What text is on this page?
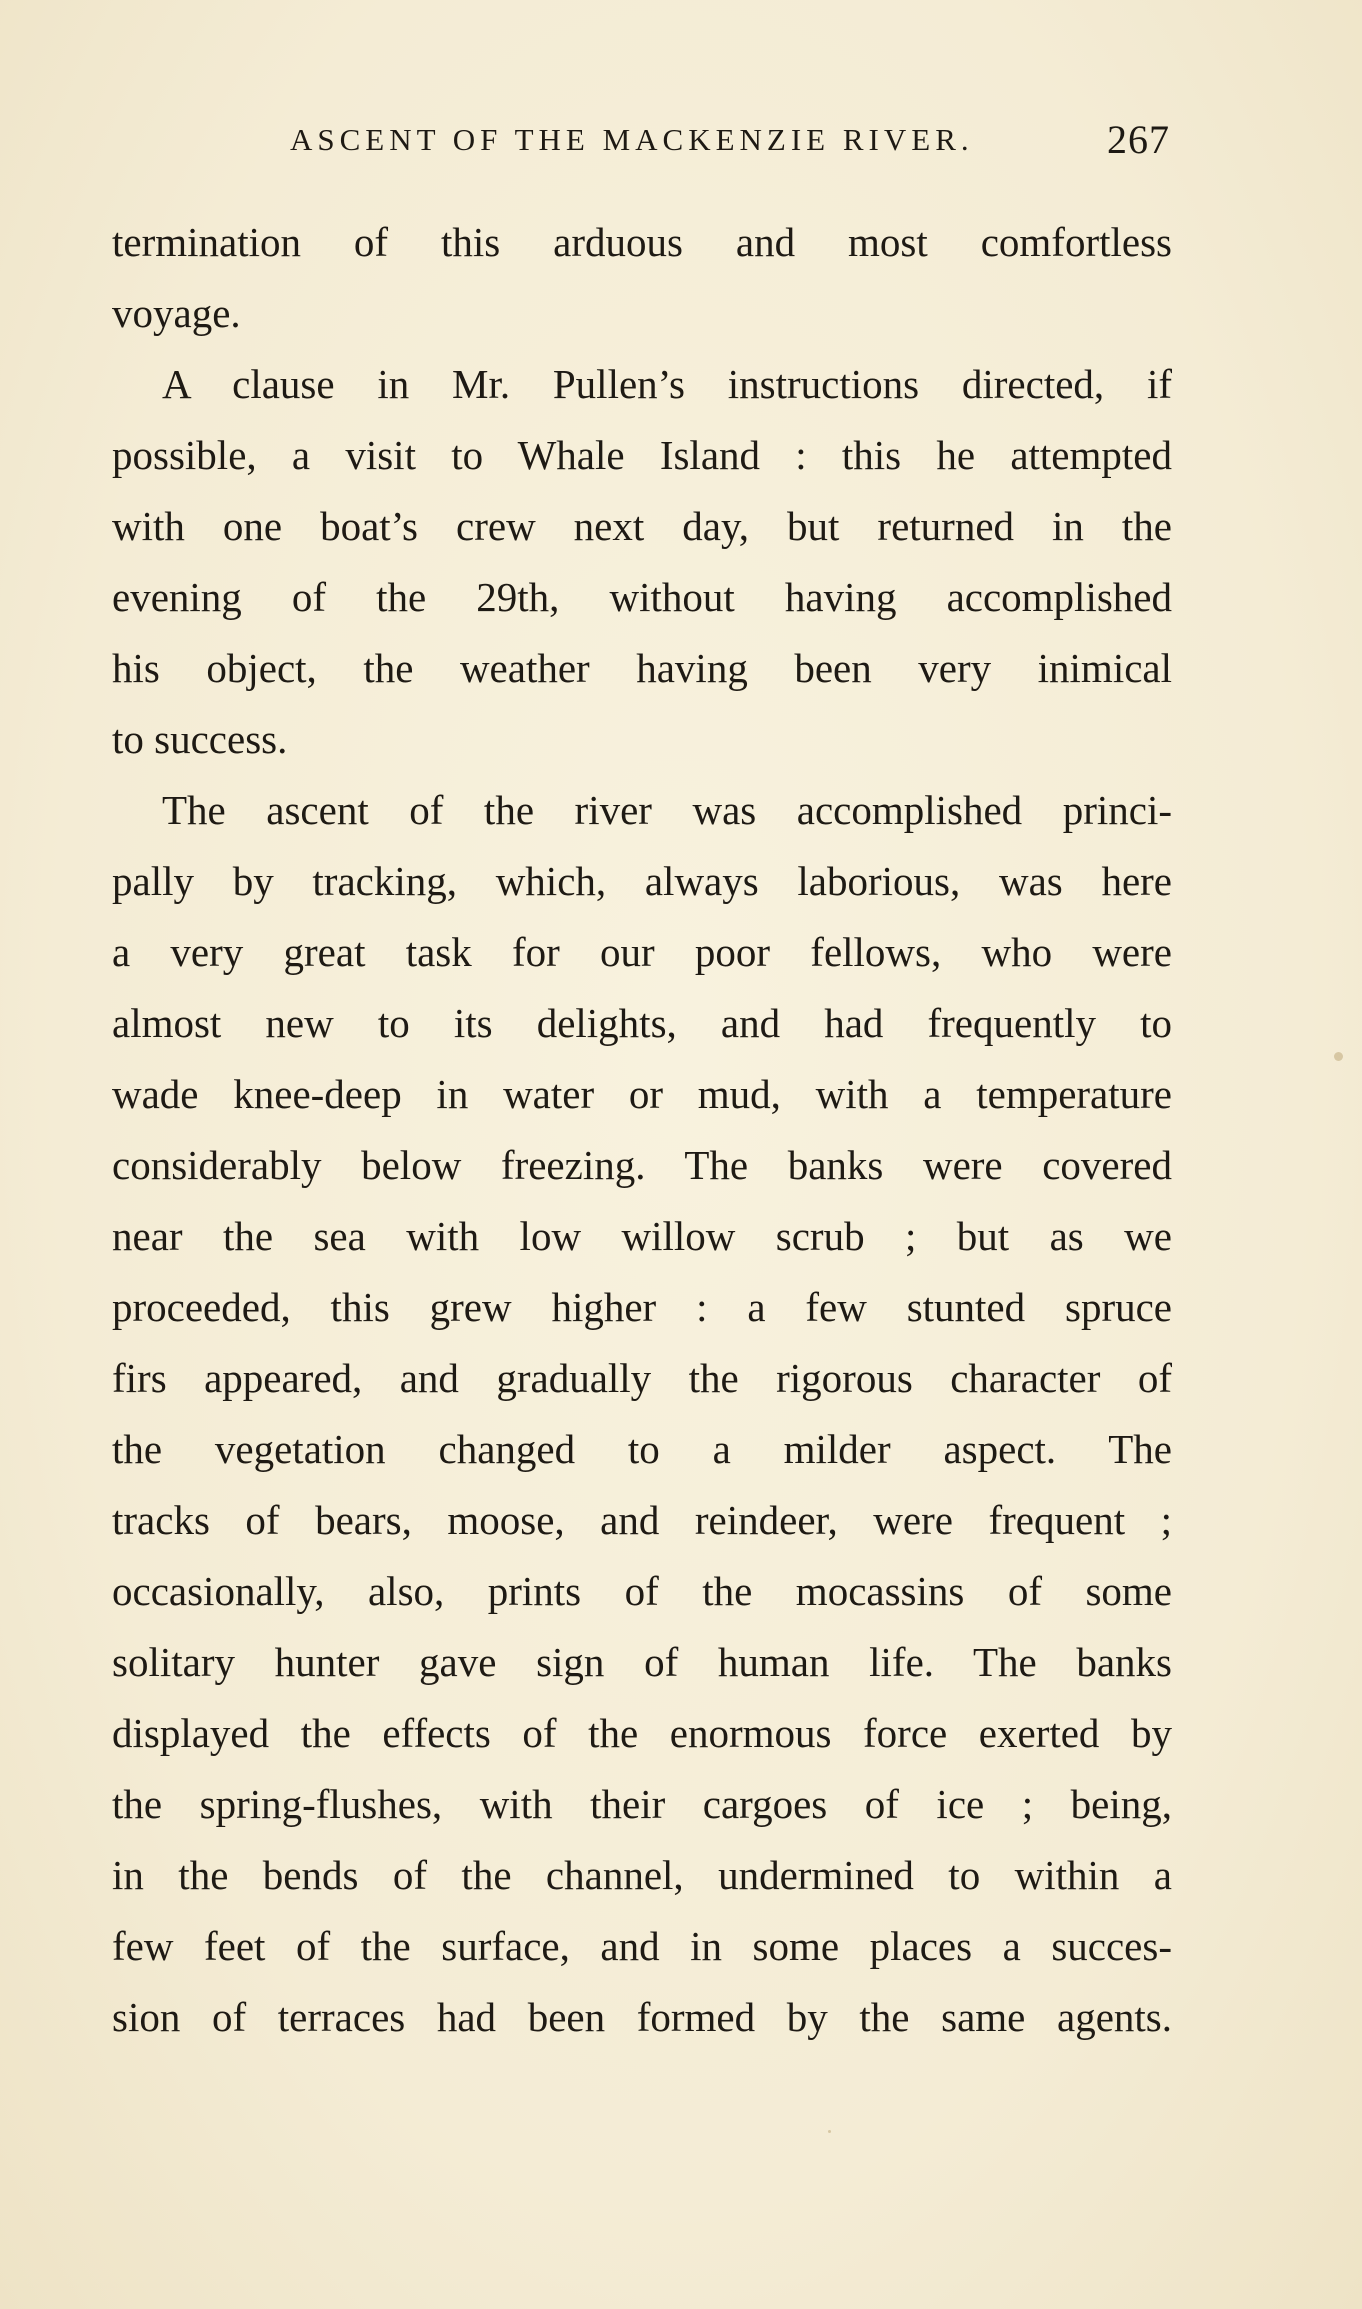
ASCENT OF THE MACKENZIE RIVER.	267
termination of this arduous and most comfortless
voyage.
A clause in Mr. Pullen’s instructions directed, if
possible, a visit to Whale Island : this he attempted
with one boat’s crew next day, but returned in the
evening of the 29th, without having accomplished
his object, the weather having been very inimical
to success.
The ascent of the river was accomplished princi-
pally by tracking, which, always laborious, was here
a very great task for our poor fellows, who were
almost new to its delights, and had frequently to
wade knee-deep in water or mud, with a temperature
considerably below freezing. The banks were covered
near the sea with low willow scrub ; but as we
proceeded, this grew higher : a few stunted spruce
firs appeared, and gradually the rigorous character of
the vegetation changed to a milder aspect. The
tracks of bears, moose, and reindeer, were frequent ;
occasionally, also, prints of the mocassins of some
solitary hunter gave sign of human life. The banks
displayed the effects of the enormous force exerted by
the spring-flushes, with their cargoes of ice ; being,
in the bends of the channel, undermined to within a
few feet of the surface, and in some places a succes-
sion of terraces had been formed by the same agents.
